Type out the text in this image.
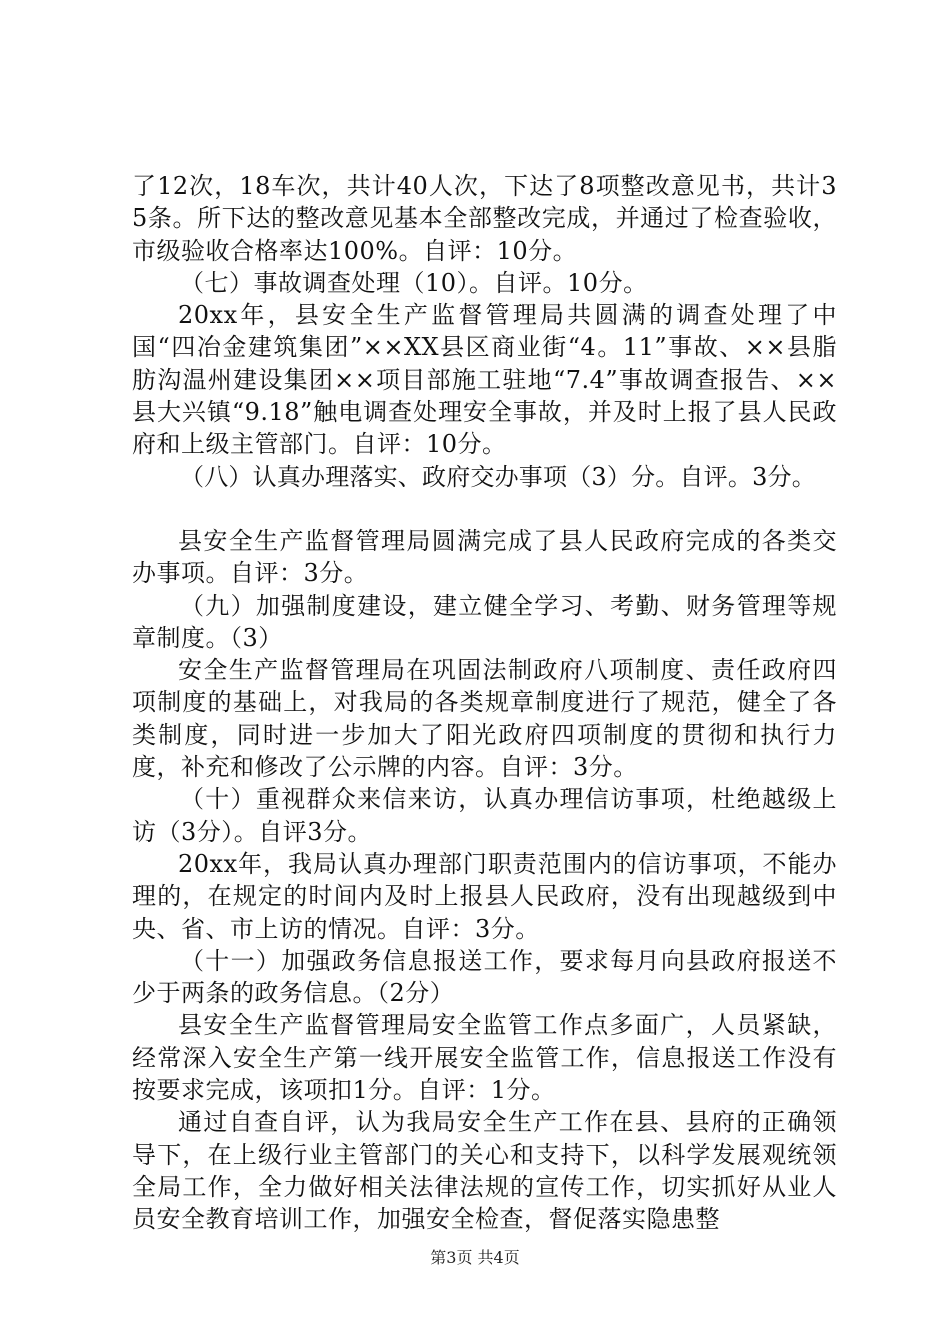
了12次，18车次，共计40人次，下达了8项整改意见书，共计35条。所下达的整改意见基本全部整改完成，并通过了检查验收，市级验收合格率达100%。自评：10分。

（七）事故调查处理（10）。自评。10分。

20xx年，县安全生产监督管理局共圆满的调查处理了中国“四冶金建筑集团”××XX县区商业街“4。11”事故、××县脂肪沟温州建设集团××项目部施工驻地“7.4”事故调查报告、××县大兴镇“9.18”触电调查处理安全事故，并及时上报了县人民政府和上级主管部门。自评：10分。

（八）认真办理落实、政府交办事项（3）分。自评。3分。

县安全生产监督管理局圆满完成了县人民政府完成的各类交办事项。自评：3分。

（九）加强制度建设，建立健全学习、考勤、财务管理等规章制度。（3）

安全生产监督管理局在巩固法制政府八项制度、责任政府四项制度的基础上，对我局的各类规章制度进行了规范，健全了各类制度，同时进一步加大了阳光政府四项制度的贯彻和执行力度，补充和修改了公示牌的内容。自评：3分。

（十）重视群众来信来访，认真办理信访事项，杜绝越级上访（3分）。自评3分。

20xx年，我局认真办理部门职责范围内的信访事项，不能办理的，在规定的时间内及时上报县人民政府，没有出现越级到中央、省、市上访的情况。自评：3分。

（十一）加强政务信息报送工作，要求每月向县政府报送不少于两条的政务信息。（2分）

县安全生产监督管理局安全监管工作点多面广，人员紧缺，经常深入安全生产第一线开展安全监管工作，信息报送工作没有按要求完成，该项扣1分。自评：1分。

通过自查自评，认为我局安全生产工作在县、县府的正确领导下，在上级行业主管部门的关心和支持下，以科学发展观统领全局工作，全力做好相关法律法规的宣传工作，切实抓好从业人员安全教育培训工作，加强安全检查，督促落实隐患整

第3页 共4页
